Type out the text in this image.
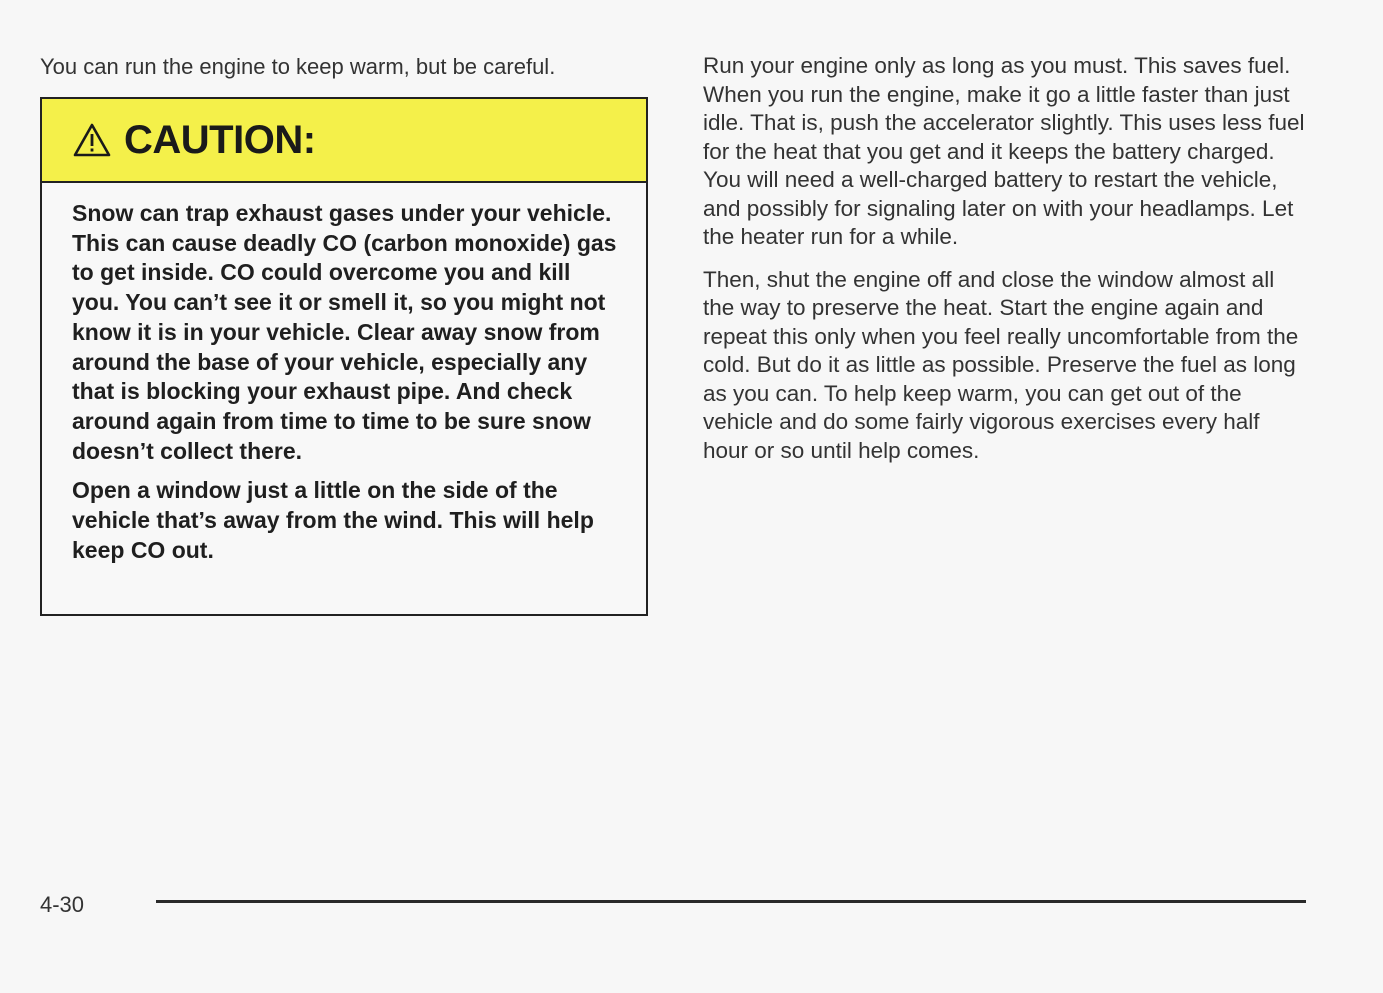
You can run the engine to keep warm, but be careful.

CAUTION:

Snow can trap exhaust gases under your vehicle. This can cause deadly CO (carbon monoxide) gas to get inside. CO could overcome you and kill you. You can’t see it or smell it, so you might not know it is in your vehicle. Clear away snow from around the base of your vehicle, especially any that is blocking your exhaust pipe. And check around again from time to time to be sure snow doesn’t collect there.

Open a window just a little on the side of the vehicle that’s away from the wind. This will help keep CO out.

Run your engine only as long as you must. This saves fuel. When you run the engine, make it go a little faster than just idle. That is, push the accelerator slightly. This uses less fuel for the heat that you get and it keeps the battery charged. You will need a well-charged battery to restart the vehicle, and possibly for signaling later on with your headlamps. Let the heater run for a while.

Then, shut the engine off and close the window almost all the way to preserve the heat. Start the engine again and repeat this only when you feel really uncomfortable from the cold. But do it as little as possible. Preserve the fuel as long as you can. To help keep warm, you can get out of the vehicle and do some fairly vigorous exercises every half hour or so until help comes.

4-30
